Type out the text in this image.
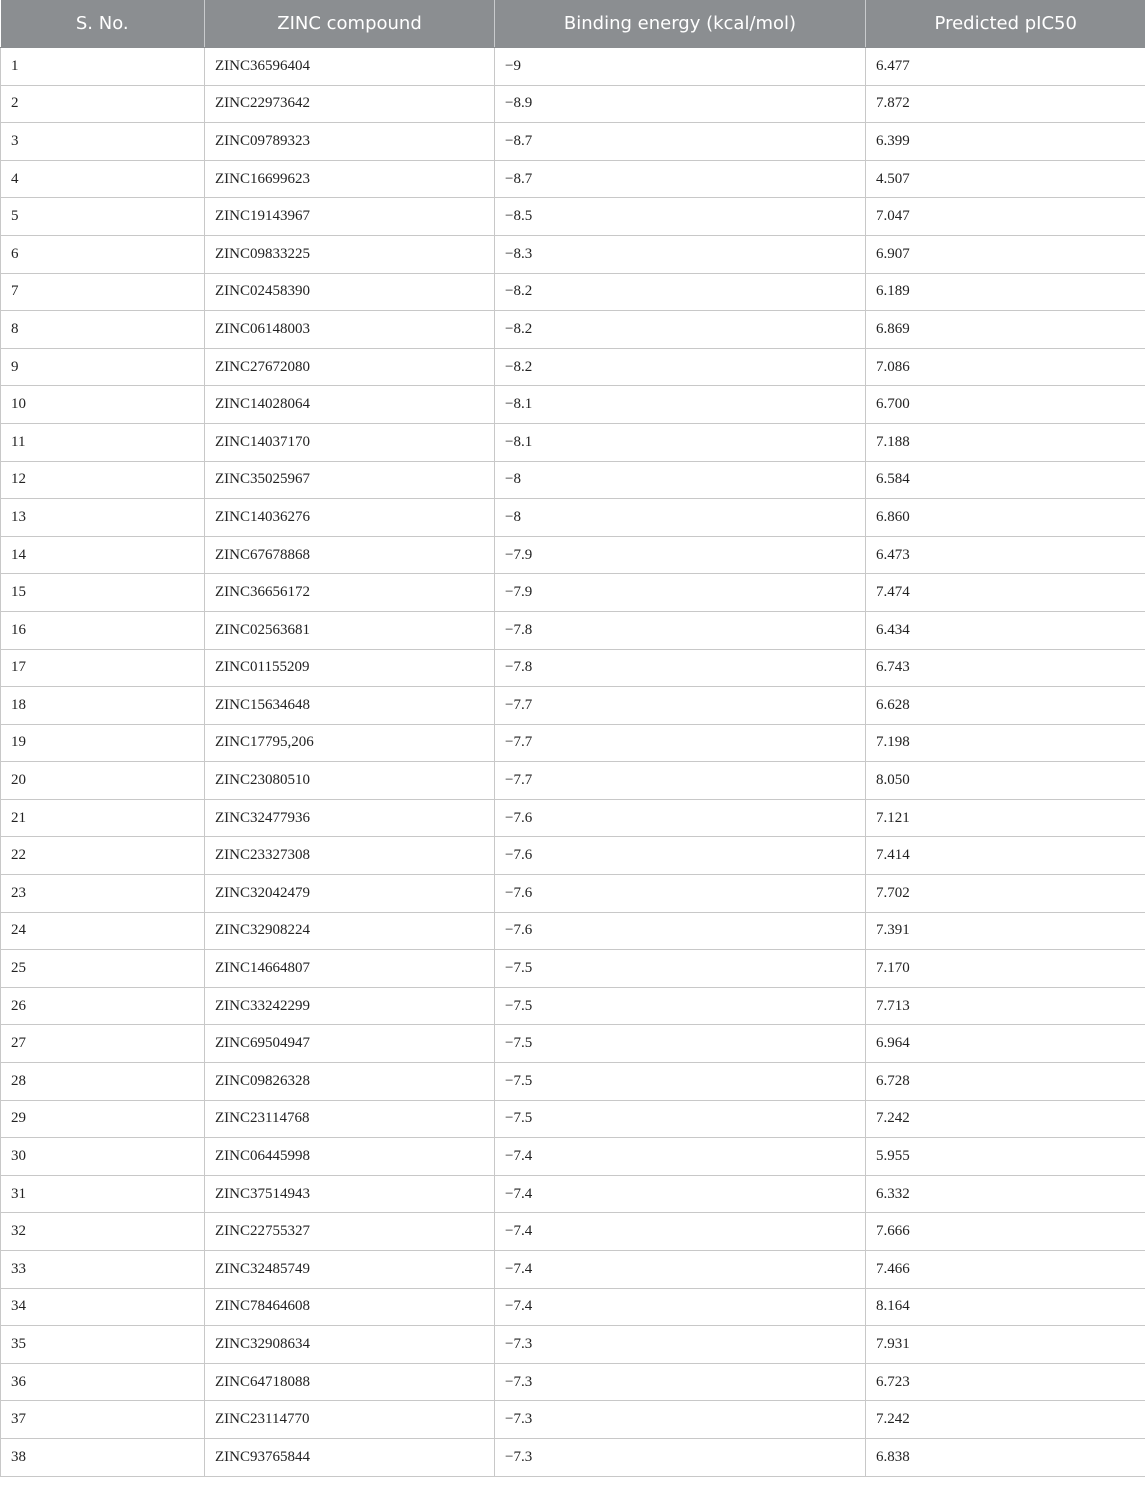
S. No.	ZINC compound	Binding energy (kcal/mol)	Predicted pIC50
1	ZINC36596404	−9	6.477
2	ZINC22973642	−8.9	7.872
3	ZINC09789323	−8.7	6.399
4	ZINC16699623	−8.7	4.507
5	ZINC19143967	−8.5	7.047
6	ZINC09833225	−8.3	6.907
7	ZINC02458390	−8.2	6.189
8	ZINC06148003	−8.2	6.869
9	ZINC27672080	−8.2	7.086
10	ZINC14028064	−8.1	6.700
11	ZINC14037170	−8.1	7.188
12	ZINC35025967	−8	6.584
13	ZINC14036276	−8	6.860
14	ZINC67678868	−7.9	6.473
15	ZINC36656172	−7.9	7.474
16	ZINC02563681	−7.8	6.434
17	ZINC01155209	−7.8	6.743
18	ZINC15634648	−7.7	6.628
19	ZINC17795,206	−7.7	7.198
20	ZINC23080510	−7.7	8.050
21	ZINC32477936	−7.6	7.121
22	ZINC23327308	−7.6	7.414
23	ZINC32042479	−7.6	7.702
24	ZINC32908224	−7.6	7.391
25	ZINC14664807	−7.5	7.170
26	ZINC33242299	−7.5	7.713
27	ZINC69504947	−7.5	6.964
28	ZINC09826328	−7.5	6.728
29	ZINC23114768	−7.5	7.242
30	ZINC06445998	−7.4	5.955
31	ZINC37514943	−7.4	6.332
32	ZINC22755327	−7.4	7.666
33	ZINC32485749	−7.4	7.466
34	ZINC78464608	−7.4	8.164
35	ZINC32908634	−7.3	7.931
36	ZINC64718088	−7.3	6.723
37	ZINC23114770	−7.3	7.242
38	ZINC93765844	−7.3	6.838
